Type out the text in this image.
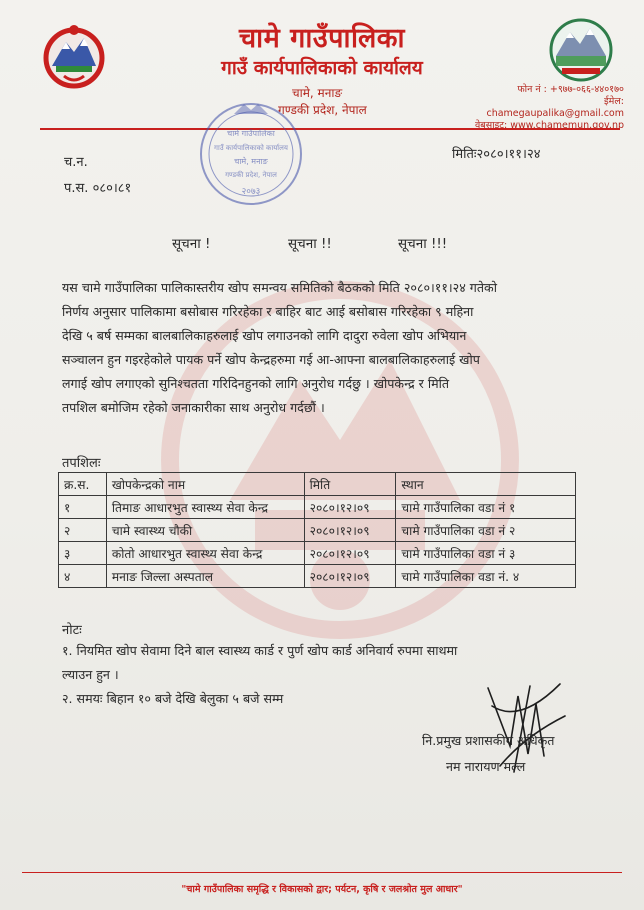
चामे गाउँपालिका
गाउँ कार्यपालिकाको कार्यालय
चामे, मनाङ
गण्डकी प्रदेश, नेपाल
फोन नं : +९७७-०६६-४४०१७०
ईमेल: chamegaupalika@gmail.com
वेबसाइट: www.chamemun.gov.np
चामे गाउँपालिका
गाउँ कार्यपालिकाको कार्यालय
चामे, मनाङ
गण्डकी प्रदेश, नेपाल
२०७३
च.न.
प.स. ०८०।८१
मितिः२०८०।११।२४
सूचना !	सूचना !!	सूचना !!!
यस चामे गाउँपालिका पालिकास्तरीय खोप समन्वय समितिको बैठकको मिति २०८०।११।२४ गतेको
निर्णय अनुसार पालिकामा बसोबास गरिरहेका र बाहिर बाट आई बसोबास गरिरहेका ९ महिना
देखि ५ बर्ष सम्मका बालबालिकाहरुलाई खोप लगाउनको लागि दादुरा रुवेला खोप अभियान
सञ्चालन हुन गइरहेकोले पायक पर्ने खोप केन्द्रहरुमा गई आ-आफ्ना बालबालिकाहरुलाई खोप
लगाई खोप लगाएको सुनिश्चतता गरिदिनहुनको लागि अनुरोध गर्दछु । खोपकेन्द्र र मिति
तपशिल बमोजिम रहेको जनाकारीका साथ अनुरोध गर्दछौं ।
तपशिलः
क्र.स.	खोपकेन्द्रको नाम	मिति	स्थान
१	तिमाङ आधारभुत स्वास्थ्य सेवा केन्द्र	२०८०।१२।०९	चामे गाउँपालिका वडा नं १
२	चामे स्वास्थ्य चौकी	२०८०।१२।०९	चामे गाउँपालिका वडा नं २
३	कोतो आधारभुत स्वास्थ्य सेवा केन्द्र	२०८०।१२।०९	चामे गाउँपालिका वडा नं ३
४	मनाङ जिल्ला अस्पताल	२०८०।१२।०९	चामे गाउँपालिका वडा नं. ४
नोटः
१. नियमित खोप सेवामा दिने बाल स्वास्थ्य कार्ड र पुर्ण खोप कार्ड अनिवार्य रुपमा साथमा
ल्याउन हुन ।
२. समयः बिहान १० बजे देखि बेलुका ५ बजे सम्म
नि.प्रमुख प्रशासकीय अधिकृत
नम नारायण मल्ल
"चामे गाउँपालिका समृद्धि र विकासको द्वार; पर्यटन, कृषि र जलश्रोत मुल आधार"
